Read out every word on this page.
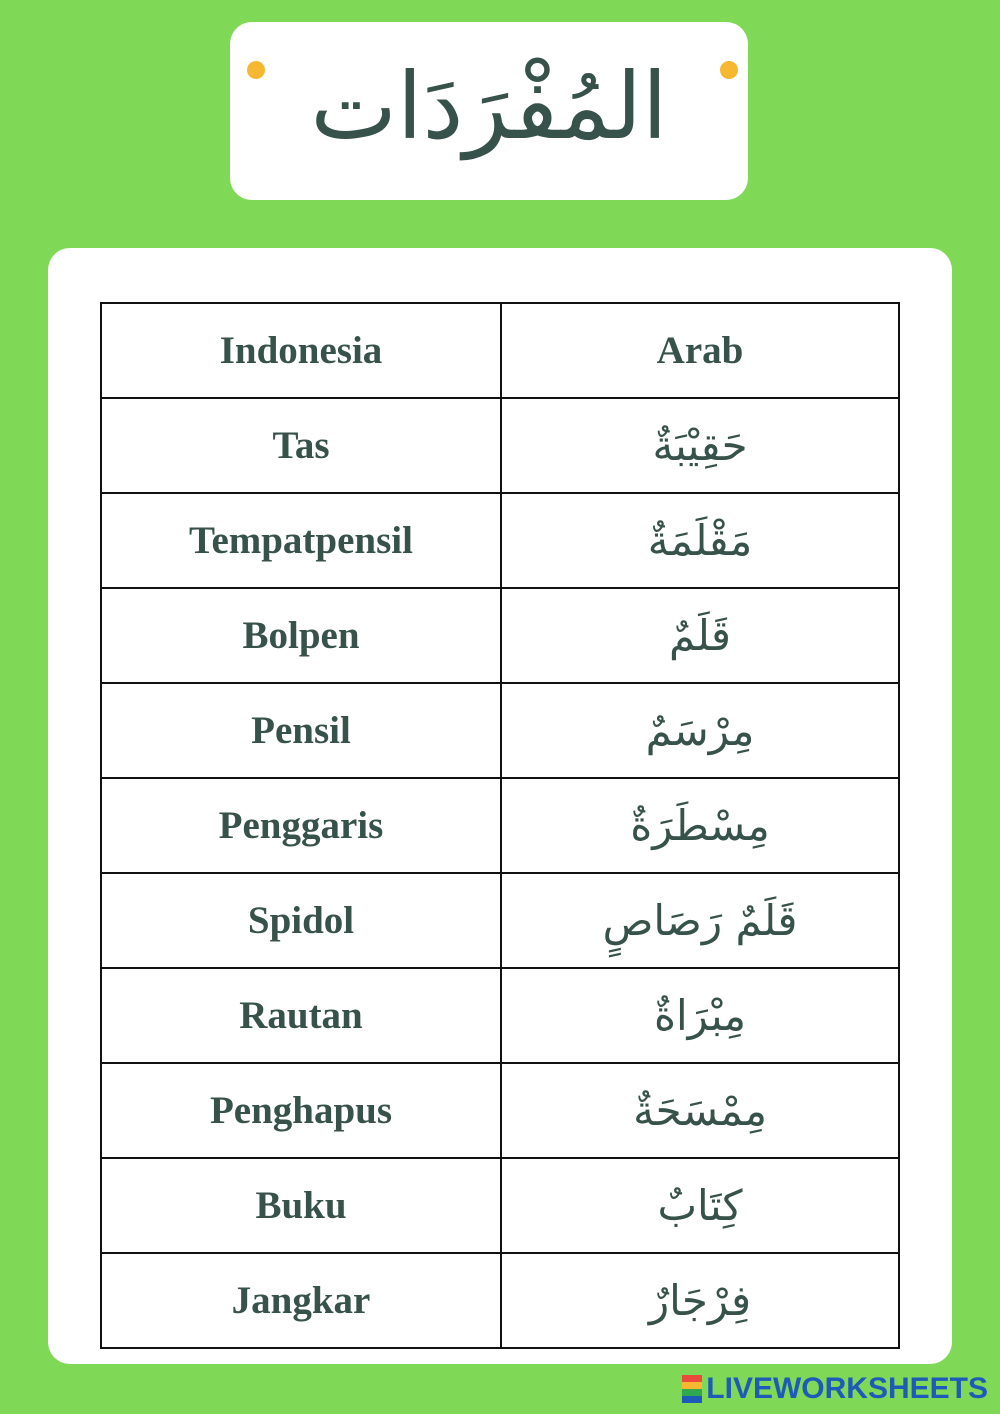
المُفْرَدَات
Indonesia	Arab
Tas	حَقِيْبَةٌ
Tempatpensil	مَقْلَمَةٌ
Bolpen	قَلَمٌ
Pensil	مِرْسَمٌ
Penggaris	مِسْطَرَةٌ
Spidol	قَلَمٌ رَصَاصٍ
Rautan	مِبْرَاةٌ
Penghapus	مِمْسَحَةٌ
Buku	كِتَابٌ
Jangkar	فِرْجَارٌ
LIVEWORKSHEETS
